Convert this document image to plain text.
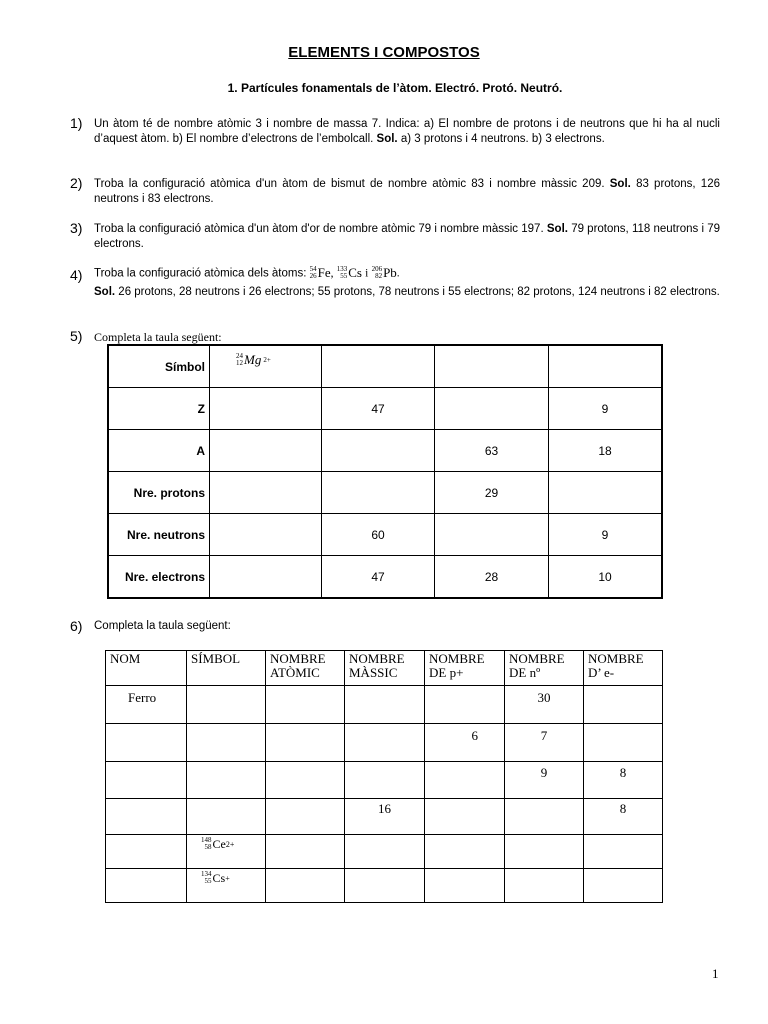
ELEMENTS I COMPOSTOS
1. Partícules fonamentals de l’àtom. Electró. Protó. Neutró.
1) Un àtom té de nombre atòmic 3 i nombre de massa 7. Indica: a) El nombre de protons i de neutrons que hi ha al nucli d’aquest àtom. b) El nombre d’electrons de l’embolcall. Sol. a) 3 protons i 4 neutrons. b) 3 electrons.
2) Troba la configuració atòmica d'un àtom de bismut de nombre atòmic 83 i nombre màssic 209. Sol. 83 protons, 126 neutrons i 83 electrons.
3) Troba la configuració atòmica d'un àtom d'or de nombre atòmic 79 i nombre màssic 197. Sol. 79 protons, 118 neutrons i 79 electrons.
4) Troba la configuració atòmica dels àtoms: 54
26 Fe , 133
55 Cs i 206
82 Pb .
Sol. 26 protons, 28 neutrons i 26 electrons; 55 protons, 78 neutrons i 55 electrons; 82 protons, 124 neutrons i 82 electrons.
5) Completa la taula següent:
Símbol	24
12 Mg 2+			

Z		47		9
A			63	18
Nre. protons			29	
Nre. neutrons		60		9
Nre. electrons		47	28	10
6) Completa la taula següent:
NOM	SÍMBOL	NOMBRE ATÒMIC	NOMBRE MÀSSIC	NOMBRE DE p+	NOMBRE DE nº	NOMBRE D’ e-
Ferro					30	
				6	7	
					9	8
			16			8

	148
58 Ce 2+					

	134
55 Cs +					

1
